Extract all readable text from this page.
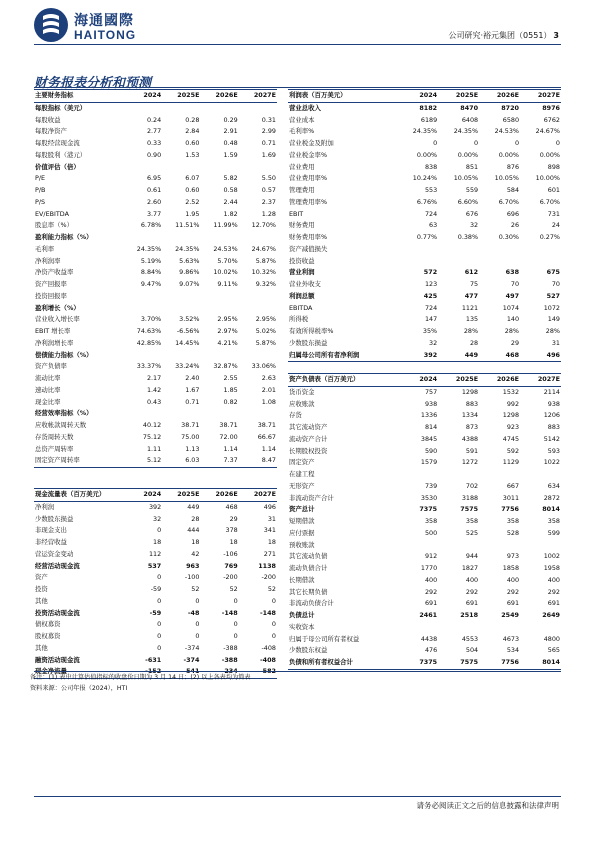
海通國際
HAITONG	公司研究·裕元集团（0551） 3
财务报表分析和预测
主要财务指标	2024	2025E	2026E	2027E
每股指标（美元）				
每股收益	0.24	0.28	0.29	0.31
每股净资产	2.77	2.84	2.91	2.99
每股经营现金流	0.33	0.60	0.48	0.71
每股股利（港元）	0.90	1.53	1.59	1.69
价值评估（倍）				
P/E	6.95	6.07	5.82	5.50
P/B	0.61	0.60	0.58	0.57
P/S	2.60	2.52	2.44	2.37
EV/EBITDA	3.77	1.95	1.82	1.28
股息率（%）	6.78%	11.51%	11.99%	12.70%
盈利能力指标（%）				
毛利率	24.35%	24.35%	24.53%	24.67%
净利润率	5.19%	5.63%	5.70%	5.87%
净资产收益率	8.84%	9.86%	10.02%	10.32%
资产回报率	9.47%	9.07%	9.11%	9.32%
投资回报率				
盈利增长（%）				
营业收入增长率	3.70%	3.52%	2.95%	2.95%
EBIT 增长率	74.63%	-6.56%	2.97%	5.02%
净利润增长率	42.85%	14.45%	4.21%	5.87%
偿债能力指标（%）				
资产负债率	33.37%	33.24%	32.87%	33.06%
流动比率	2.17	2.40	2.55	2.63
速动比率	1.42	1.67	1.85	2.01
现金比率	0.43	0.71	0.82	1.08
经营效率指标（%）				
应收帐款周转天数	40.12	38.71	38.71	38.71
存货周转天数	75.12	75.00	72.00	66.67
总资产周转率	1.11	1.13	1.14	1.14
固定资产周转率	5.12	6.03	7.37	8.47
利润表（百万美元）	2024	2025E	2026E	2027E
营业总收入	8182	8470	8720	8976
营业成本	6189	6408	6580	6762
毛利率%	24.35%	24.35%	24.53%	24.67%
营业税金及附加	0	0	0	0
营业税金率%	0.00%	0.00%	0.00%	0.00%
营业费用	838	851	876	898
营业费用率%	10.24%	10.05%	10.05%	10.00%
管理费用	553	559	584	601
管理费用率%	6.76%	6.60%	6.70%	6.70%
EBIT	724	676	696	731
财务费用	63	32	26	24
财务费用率%	0.77%	0.38%	0.30%	0.27%
资产减值损失				
投资收益				
营业利润	572	612	638	675
营业外收支	123	75	70	70
利润总额	425	477	497	527
EBITDA	724	1121	1074	1072
所得税	147	135	140	149
有效所得税率%	35%	28%	28%	28%
少数股东损益	32	28	29	31
归属母公司所有者净利润	392	449	468	496
资产负债表（百万美元）	2024	2025E	2026E	2027E
货币资金	757	1298	1532	2114
应收账款	938	883	992	938
存货	1336	1334	1298	1206
其它流动资产	814	873	923	883
流动资产合计	3845	4388	4745	5142
长期股权投资	590	591	592	593
固定资产	1579	1272	1129	1022
在建工程				
无形资产	739	702	667	634
非流动资产合计	3530	3188	3011	2872
资产总计	7375	7575	7756	8014
短期借款	358	358	358	358
应付票据	500	525	528	599
预收账款				
其它流动负债	912	944	973	1002
流动负债合计	1770	1827	1858	1958
长期借款	400	400	400	400
其它长期负债	292	292	292	292
非流动负债合计	691	691	691	691
负债总计	2461	2518	2549	2649
实收资本				
归属于母公司所有者权益	4438	4553	4673	4800
少数股东权益	476	504	534	565
负债和所有者权益合计	7375	7575	7756	8014
现金流量表（百万美元）	2024	2025E	2026E	2027E
净利润	392	449	468	496
少数股东损益	32	28	29	31
非现金支出	0	444	378	341
非经营收益	18	18	18	18
营运资金变动	112	42	-106	271
经营活动现金流	537	963	769	1138
资产	0	-100	-200	-200
投资	-59	52	52	52
其他	0	0	0	0
投资活动现金流	-59	-48	-148	-148
债权募资	0	0	0	0
股权募资	0	0	0	0
其他	0	-374	-388	-408
融资活动现金流	-631	-374	-388	-408
现金净流量	-152	541	234	582
备注：(1) 表中计算估值指标的收盘价日期为 3 月 14 日；(2) 以上各表均为简表
资料来源：公司年报（2024），HTI
请务必阅读正文之后的信息披露和法律声明
